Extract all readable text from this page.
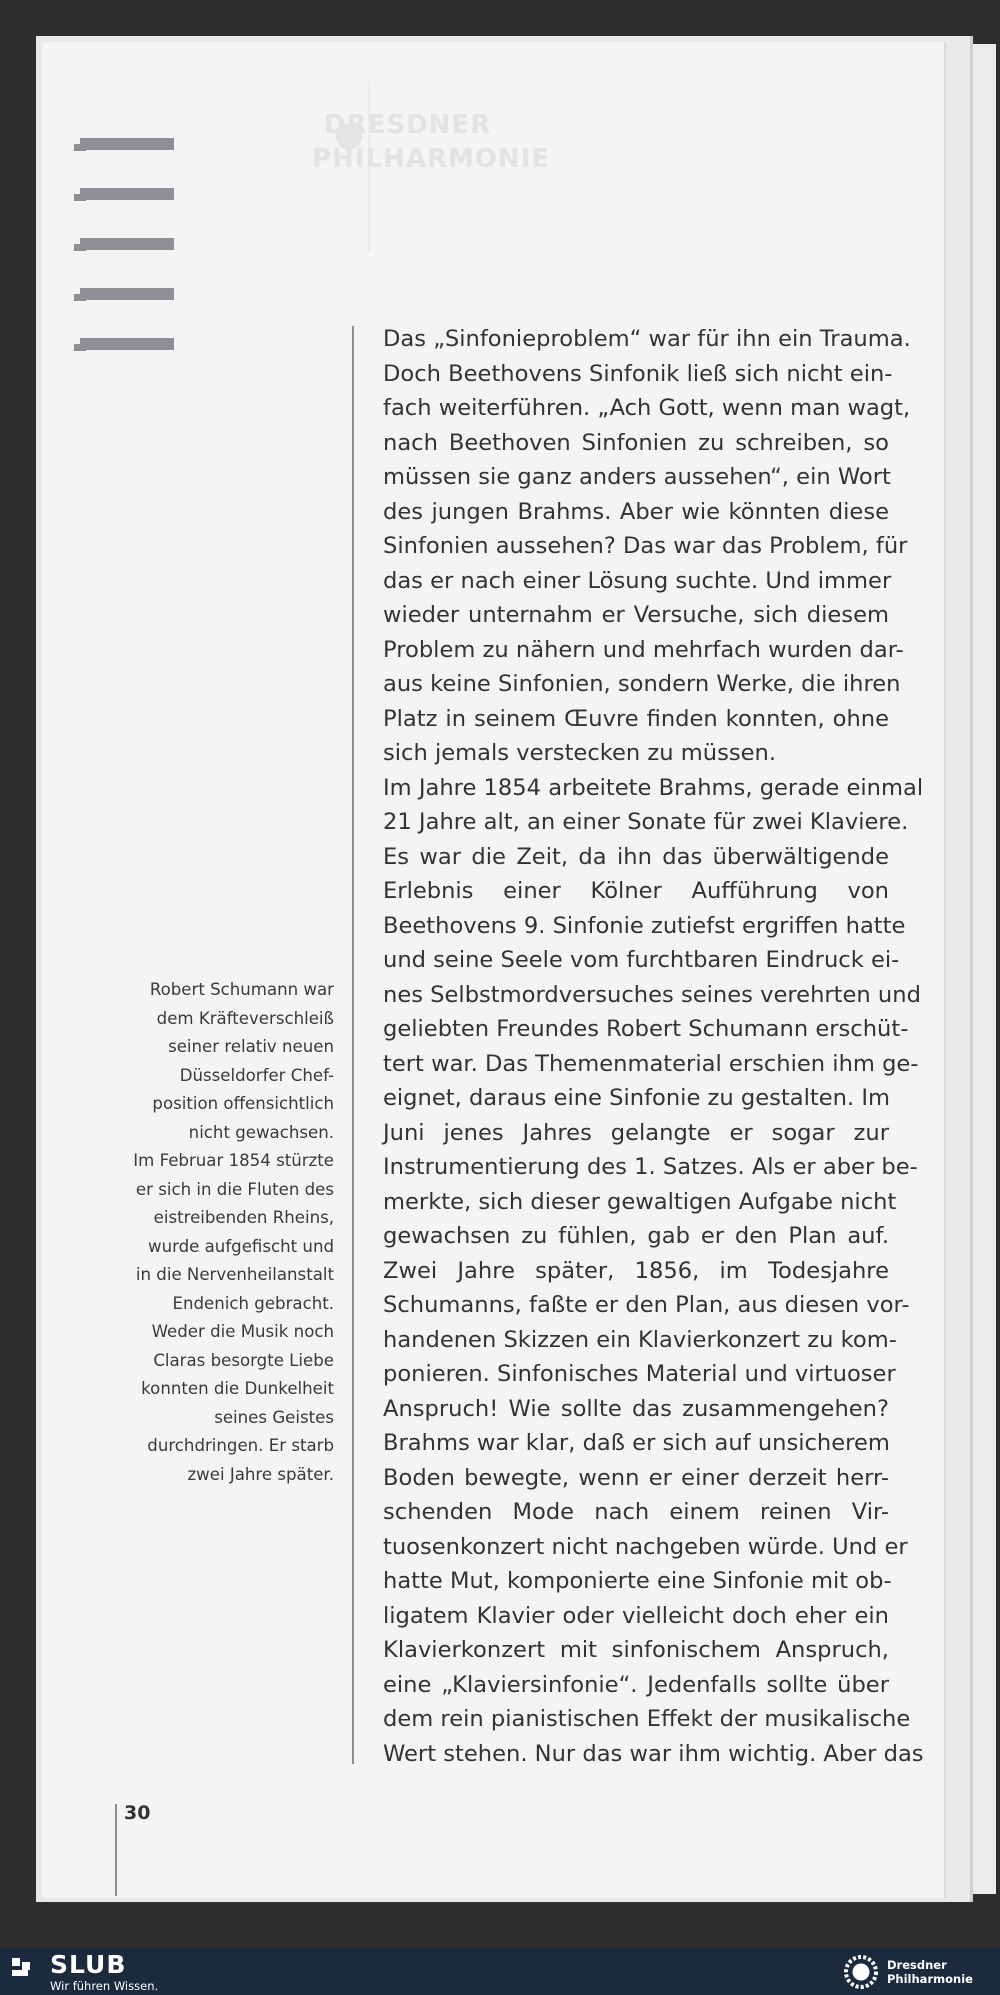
DRESDNER
PHILHARMONIE
Das „Sinfonieproblem“ war für ihn ein Trauma.
Doch Beethovens Sinfonik ließ sich nicht ein-
fach weiterführen. „Ach Gott, wenn man wagt,
nach Beethoven Sinfonien zu schreiben, so
müssen sie ganz anders aussehen“, ein Wort
des jungen Brahms. Aber wie könnten diese
Sinfonien aussehen? Das war das Problem, für
das er nach einer Lösung suchte. Und immer
wieder unternahm er Versuche, sich diesem
Problem zu nähern und mehrfach wurden dar-
aus keine Sinfonien, sondern Werke, die ihren
Platz in seinem Œuvre finden konnten, ohne
sich jemals verstecken zu müssen.
Im Jahre 1854 arbeitete Brahms, gerade einmal
21 Jahre alt, an einer Sonate für zwei Klaviere.
Es war die Zeit, da ihn das überwältigende
Erlebnis einer Kölner Aufführung von
Beethovens 9. Sinfonie zutiefst ergriffen hatte
und seine Seele vom furchtbaren Eindruck ei-
nes Selbstmordversuches seines verehrten und
geliebten Freundes Robert Schumann erschüt-
tert war. Das Themenmaterial erschien ihm ge-
eignet, daraus eine Sinfonie zu gestalten. Im
Juni jenes Jahres gelangte er sogar zur
Instrumentierung des 1. Satzes. Als er aber be-
merkte, sich dieser gewaltigen Aufgabe nicht
gewachsen zu fühlen, gab er den Plan auf.
Zwei Jahre später, 1856, im Todesjahre
Schumanns, faßte er den Plan, aus diesen vor-
handenen Skizzen ein Klavierkonzert zu kom-
ponieren. Sinfonisches Material und virtuoser
Anspruch! Wie sollte das zusammengehen?
Brahms war klar, daß er sich auf unsicherem
Boden bewegte, wenn er einer derzeit herr-
schenden Mode nach einem reinen Vir-
tuosenkonzert nicht nachgeben würde. Und er
hatte Mut, komponierte eine Sinfonie mit ob-
ligatem Klavier oder vielleicht doch eher ein
Klavierkonzert mit sinfonischem Anspruch,
eine „Klaviersinfonie“. Jedenfalls sollte über
dem rein pianistischen Effekt der musikalische
Wert stehen. Nur das war ihm wichtig. Aber das
Robert Schumann war
dem Kräfteverschleiß
seiner relativ neuen
Düsseldorfer Chef-
position offensichtlich
nicht gewachsen.
Im Februar 1854 stürzte
er sich in die Fluten des
eistreibenden Rheins,
wurde aufgefischt und
in die Nervenheilanstalt
Endenich gebracht.
Weder die Musik noch
Claras besorgte Liebe
konnten die Dunkelheit
seines Geistes
durchdringen. Er starb
zwei Jahre später.
30
SLUB
Wir führen Wissen.
Dresdner
Philharmonie
